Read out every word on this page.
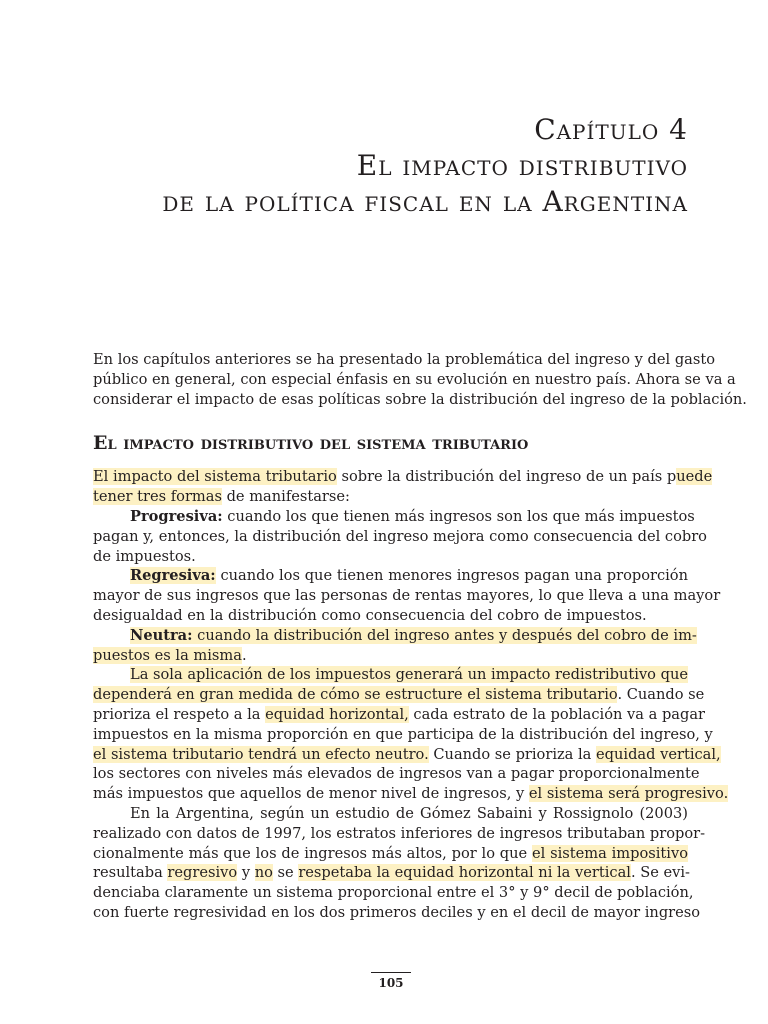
Capítulo 4
El impacto distributivo
de la política fiscal en la Argentina
En los capítulos anteriores se ha presentado la problemática del ingreso y del gasto
público en general, con especial énfasis en su evolución en nuestro país. Ahora se va a
considerar el impacto de esas políticas sobre la distribución del ingreso de la población.
El impacto distributivo del sistema tributario
El impacto del sistema tributario sobre la distribución del ingreso de un país puede
tener tres formas de manifestarse:
Progresiva: cuando los que tienen más ingresos son los que más impuestos
pagan y, entonces, la distribución del ingreso mejora como consecuencia del cobro
de impuestos.
Regresiva: cuando los que tienen menores ingresos pagan una proporción
mayor de sus ingresos que las personas de rentas mayores, lo que lleva a una mayor
desigualdad en la distribución como consecuencia del cobro de impuestos.
Neutra: cuando la distribución del ingreso antes y después del cobro de im-
puestos es la misma.
La sola aplicación de los impuestos generará un impacto redistributivo que
dependerá en gran medida de cómo se estructure el sistema tributario. Cuando se
prioriza el respeto a la equidad horizontal, cada estrato de la población va a pagar
impuestos en la misma proporción en que participa de la distribución del ingreso, y
el sistema tributario tendrá un efecto neutro. Cuando se prioriza la equidad vertical,
los sectores con niveles más elevados de ingresos van a pagar proporcionalmente
más impuestos que aquellos de menor nivel de ingresos, y el sistema será progresivo.
En la Argentina, según un estudio de Gómez Sabaini y Rossignolo (2003)
realizado con datos de 1997, los estratos inferiores de ingresos tributaban propor-
cionalmente más que los de ingresos más altos, por lo que el sistema impositivo
resultaba regresivo y no se respetaba la equidad horizontal ni la vertical. Se evi-
denciaba claramente un sistema proporcional entre el 3° y 9° decil de población,
con fuerte regresividad en los dos primeros deciles y en el decil de mayor ingreso
105
